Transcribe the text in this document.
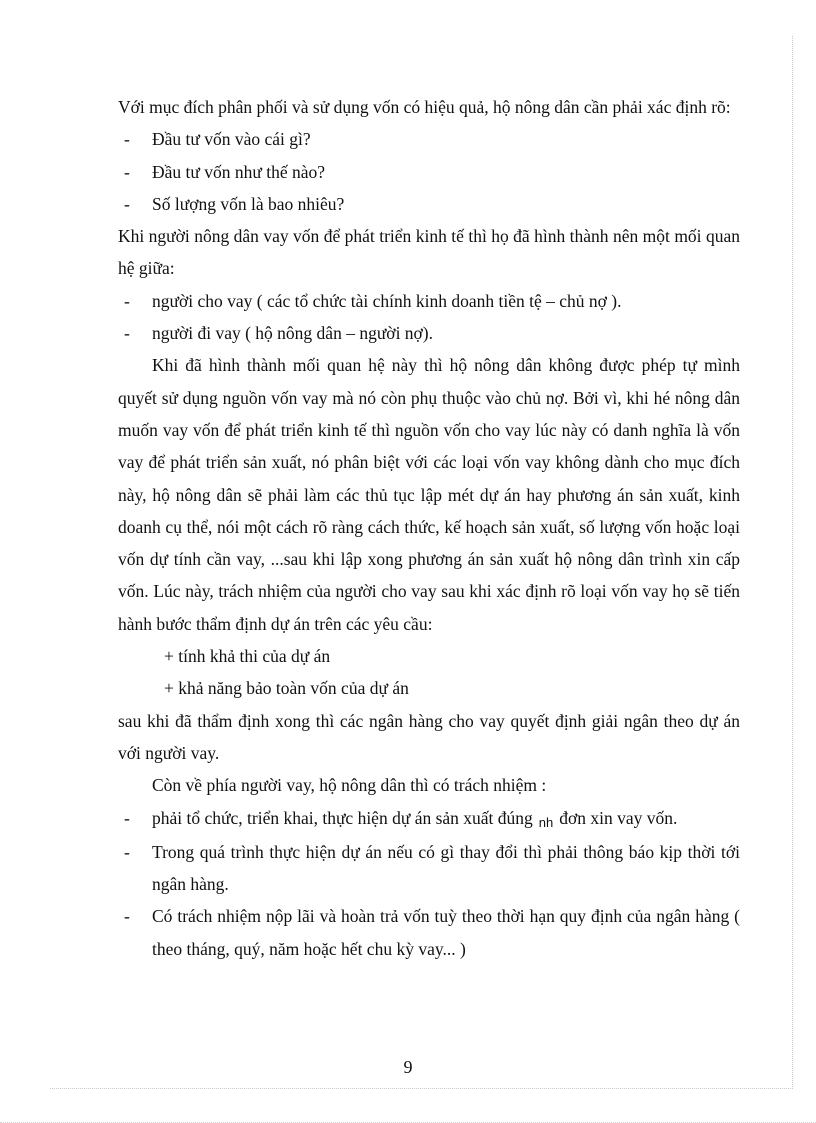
Với mục đích phân phối và sử dụng vốn có hiệu quả, hộ nông dân cần phải xác định rõ:

-	Đầu tư vốn vào cái gì?
-	Đầu tư vốn như thế nào?
-	Số lượng vốn là bao nhiêu?

Khi người nông dân vay vốn để phát triển kinh tế thì họ đã hình thành nên một mối quan hệ giữa:

-	người cho vay ( các tổ chức tài chính kinh doanh tiền tệ – chủ nợ ).
-	người đi vay ( hộ nông dân – người nợ).

Khi đã hình thành mối quan hệ này thì hộ nông dân không được phép tự mình quyết sử dụng nguồn vốn vay mà nó còn phụ thuộc vào chủ nợ. Bởi vì, khi hé nông dân muốn vay vốn để phát triển kinh tế thì nguồn vốn cho vay lúc này có danh nghĩa là vốn vay để phát triển sản xuất, nó phân biệt với các loại vốn vay không dành cho mục đích này, hộ nông dân sẽ phải làm các thủ tục lập mét dự án hay phương án sản xuất, kinh doanh cụ thể, nói một cách rõ ràng cách thức, kế hoạch sản xuất, số lượng vốn hoặc loại vốn dự tính cần vay, ...sau khi lập xong phương án sản xuất hộ nông dân trình xin cấp vốn. Lúc này, trách nhiệm của người cho vay sau khi xác định rõ loại vốn vay họ sẽ tiến hành bước thẩm định dự án trên các yêu cầu:

+ tính khả thi của dự án

+ khả năng bảo toàn vốn của dự án

sau khi đã thẩm định xong thì các ngân hàng cho vay quyết định giải ngân theo dự án với người vay.

Còn về phía người vay, hộ nông dân thì có trách nhiệm :

-	phải tổ chức, triển khai, thực hiện dự án sản xuất đúng nh đơn xin vay vốn.
-	Trong quá trình thực hiện dự án nếu có gì thay đổi thì phải thông báo kịp thời tới ngân hàng.
-	Có trách nhiệm nộp lãi và hoàn trả vốn tuỳ theo thời hạn quy định của ngân hàng ( theo tháng, quý, năm hoặc hết chu kỳ vay... )
9
